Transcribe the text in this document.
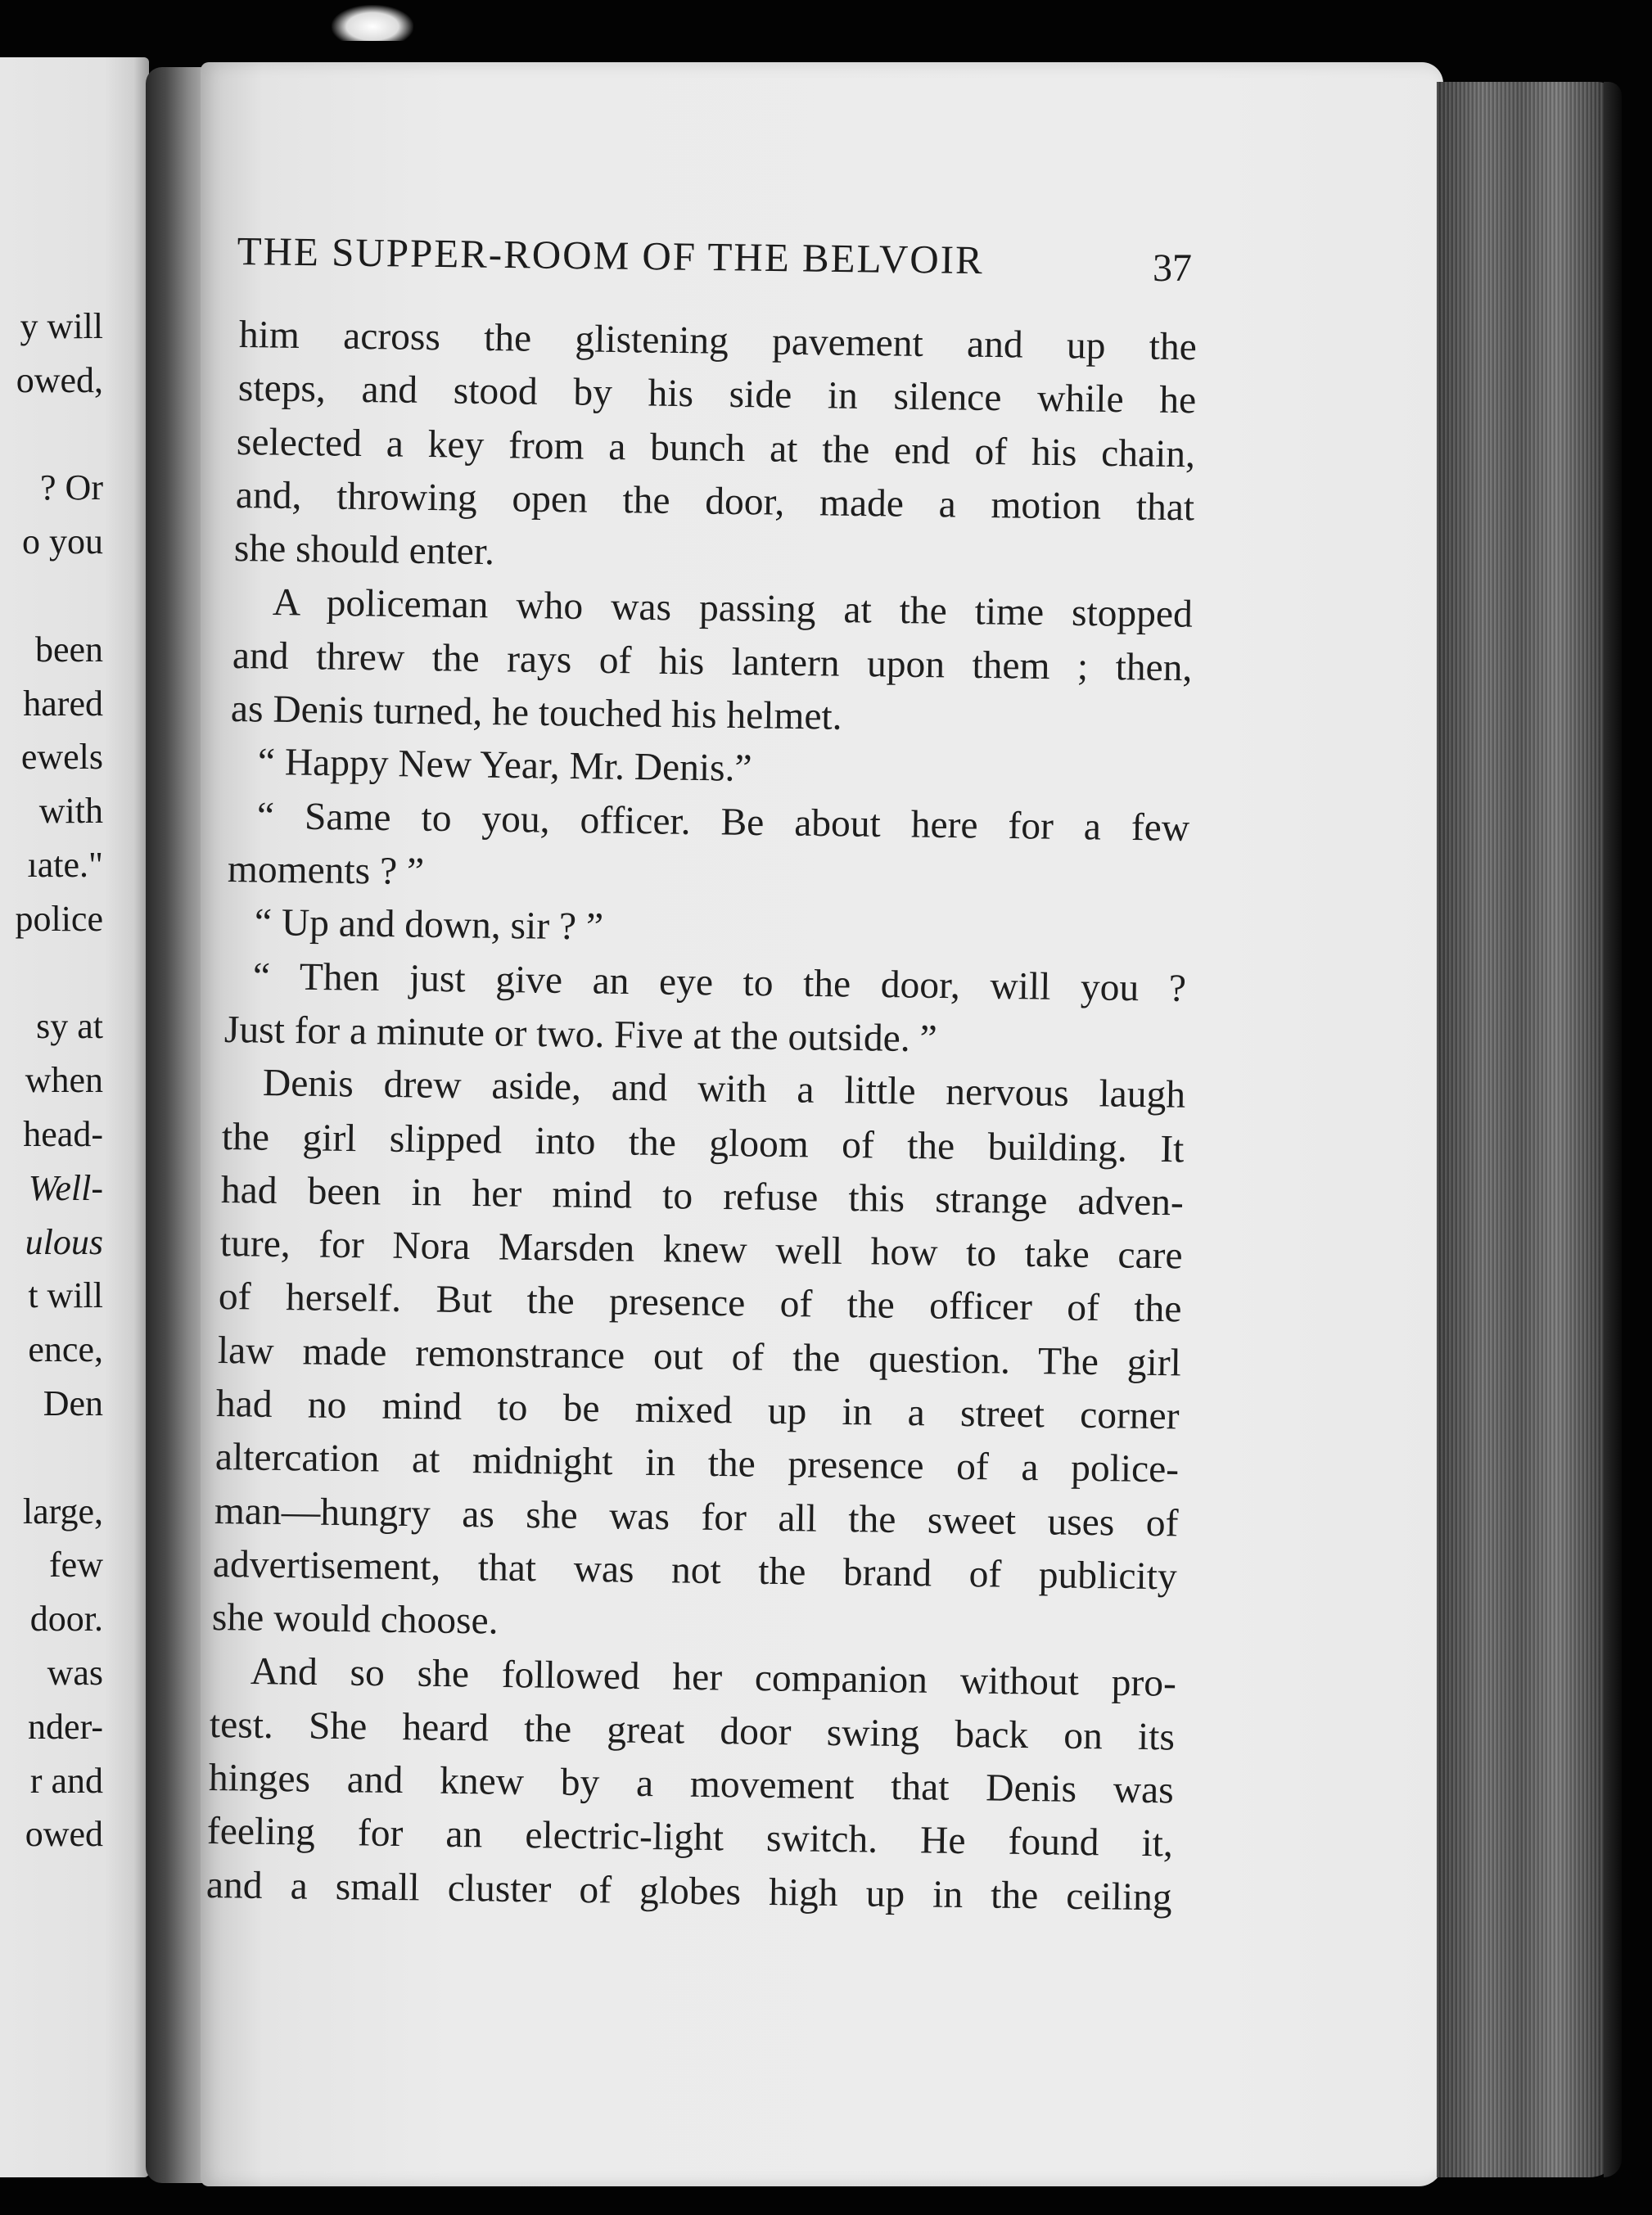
y will
owed,
? Or
o you
been
hared
ewels
with
ıate."
police
sy at
when
head-
Well-
ulous
t will
ence,
Den
large,
few
door.
was
nder-
r and
owed
THE SUPPER-ROOM OF THE BELVOIR	37
him across the glistening pavement and up the
steps, and stood by his side in silence while he
selected a key from a bunch at the end of his chain,
and, throwing open the door, made a motion that
she should enter.
A policeman who was passing at the time stopped
and threw the rays of his lantern upon them ; then,
as Denis turned, he touched his helmet.
“ Happy New Year, Mr. Denis.”
“ Same to you, officer. Be about here for a few
moments ? ”
“ Up and down, sir ? ”
“ Then just give an eye to the door, will you ?
Just for a minute or two. Five at the outside. ”
Denis drew aside, and with a little nervous laugh
the girl slipped into the gloom of the building. It
had been in her mind to refuse this strange adven-
ture, for Nora Marsden knew well how to take care
of herself. But the presence of the officer of the
law made remonstrance out of the question. The girl
had no mind to be mixed up in a street corner
altercation at midnight in the presence of a police-
man—hungry as she was for all the sweet uses of
advertisement, that was not the brand of publicity
she would choose.
And so she followed her companion without pro-
test. She heard the great door swing back on its
hinges and knew by a movement that Denis was
feeling for an electric-light switch. He found it,
and a small cluster of globes high up in the ceiling
